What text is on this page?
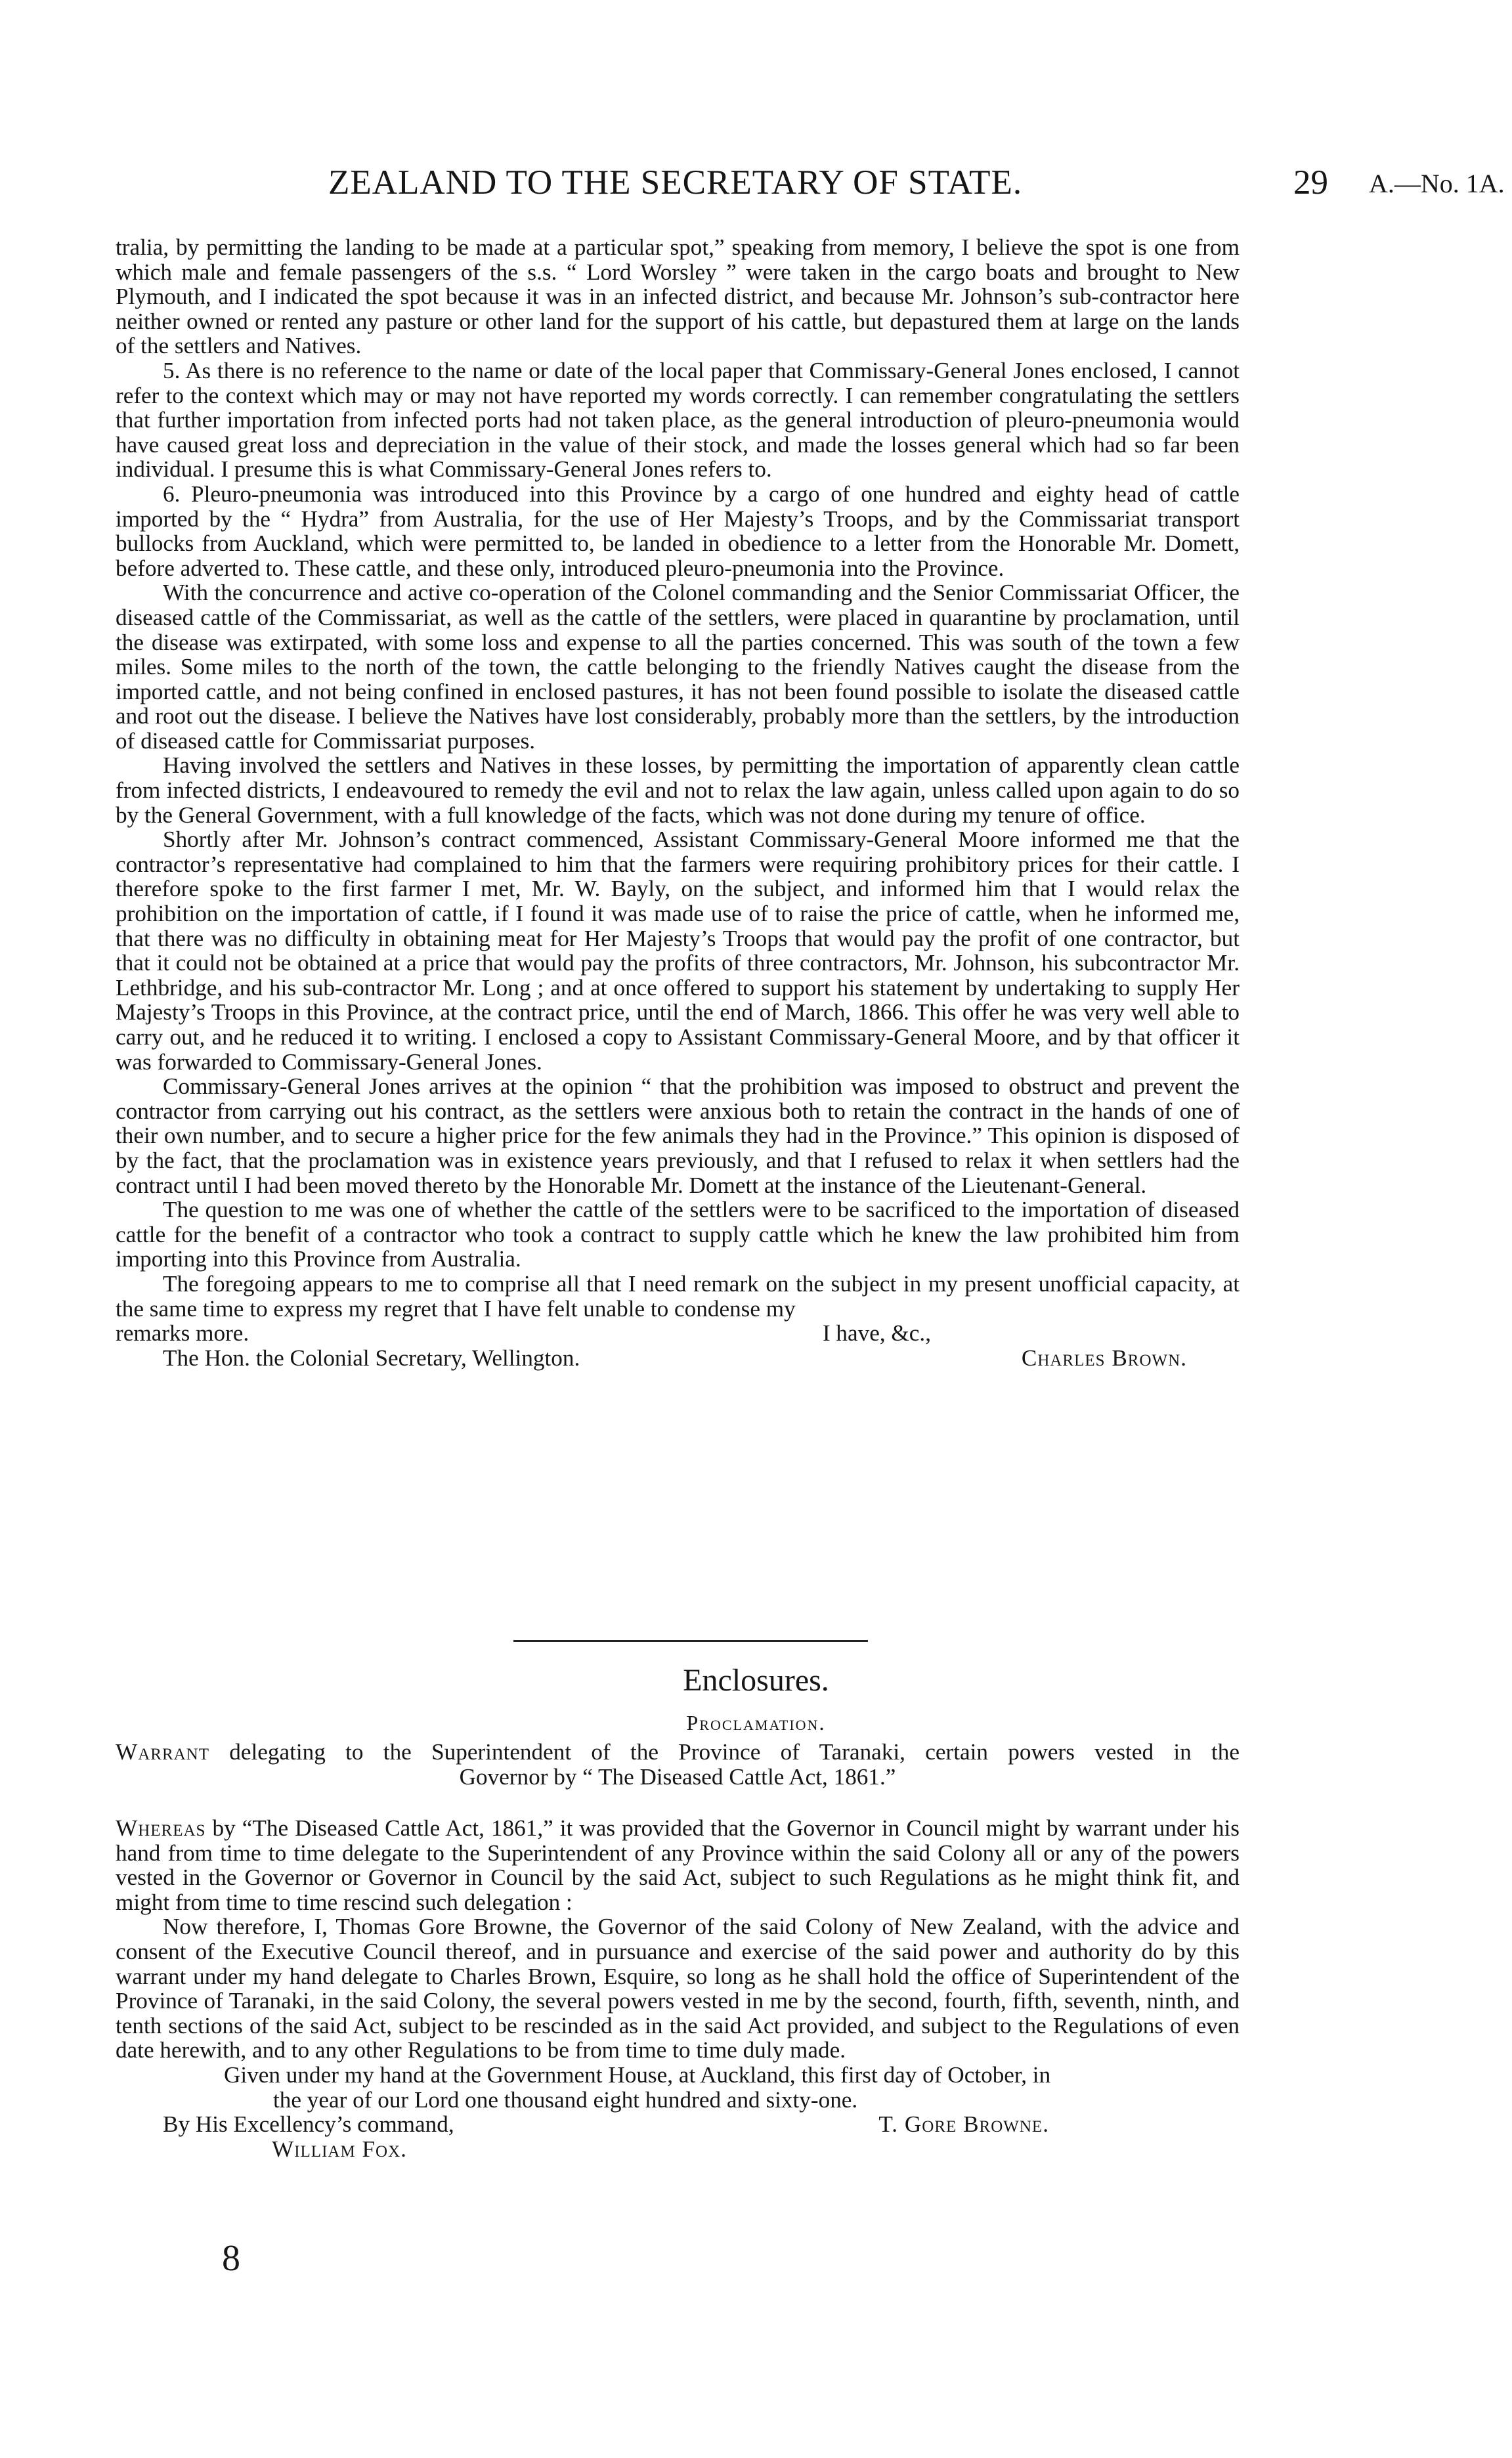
ZEALAND TO THE SECRETARY OF STATE.	29 A.—No. 1A.

tralia, by permitting the landing to be made at a particular spot,” speaking from memory, I believe the spot is one from which male and female passengers of the s.s. “ Lord Worsley ” were taken in the cargo boats and brought to New Plymouth, and I indicated the spot because it was in an infected district, and because Mr. Johnson’s sub-contractor here neither owned or rented any pasture or other land for the support of his cattle, but depastured them at large on the lands of the settlers and Natives.

5. As there is no reference to the name or date of the local paper that Commissary-General Jones enclosed, I cannot refer to the context which may or may not have reported my words correctly. I can remember congratulating the settlers that further importation from infected ports had not taken place, as the general introduction of pleuro-pneumonia would have caused great loss and depreciation in the value of their stock, and made the losses general which had so far been individual. I presume this is what Commissary-General Jones refers to.

6. Pleuro-pneumonia was introduced into this Province by a cargo of one hundred and eighty head of cattle imported by the “ Hydra” from Australia, for the use of Her Majesty’s Troops, and by the Commissariat transport bullocks from Auckland, which were permitted to, be landed in obedience to a letter from the Honorable Mr. Domett, before adverted to. These cattle, and these only, introduced pleuro-pneumonia into the Province.

With the concurrence and active co-operation of the Colonel commanding and the Senior Commissariat Officer, the diseased cattle of the Commissariat, as well as the cattle of the settlers, were placed in quarantine by proclamation, until the disease was extirpated, with some loss and expense to all the parties concerned. This was south of the town a few miles. Some miles to the north of the town, the cattle belonging to the friendly Natives caught the disease from the imported cattle, and not being confined in enclosed pastures, it has not been found possible to isolate the diseased cattle and root out the disease. I believe the Natives have lost considerably, probably more than the settlers, by the introduction of diseased cattle for Commissariat purposes.

Having involved the settlers and Natives in these losses, by permitting the importation of apparently clean cattle from infected districts, I endeavoured to remedy the evil and not to relax the law again, unless called upon again to do so by the General Government, with a full knowledge of the facts, which was not done during my tenure of office.

Shortly after Mr. Johnson’s contract commenced, Assistant Commissary-General Moore informed me that the contractor’s representative had complained to him that the farmers were requiring prohibitory prices for their cattle. I therefore spoke to the first farmer I met, Mr. W. Bayly, on the subject, and informed him that I would relax the prohibition on the importation of cattle, if I found it was made use of to raise the price of cattle, when he informed me, that there was no difficulty in obtaining meat for Her Majesty’s Troops that would pay the profit of one contractor, but that it could not be obtained at a price that would pay the profits of three contractors, Mr. Johnson, his subcontractor Mr. Lethbridge, and his sub-contractor Mr. Long ; and at once offered to support his statement by undertaking to supply Her Majesty’s Troops in this Province, at the contract price, until the end of March, 1866. This offer he was very well able to carry out, and he reduced it to writing. I enclosed a copy to Assistant Commissary-General Moore, and by that officer it was forwarded to Commissary-General Jones.

Commissary-General Jones arrives at the opinion “ that the prohibition was imposed to obstruct and prevent the contractor from carrying out his contract, as the settlers were anxious both to retain the contract in the hands of one of their own number, and to secure a higher price for the few animals they had in the Province.” This opinion is disposed of by the fact, that the proclamation was in existence years previously, and that I refused to relax it when settlers had the contract until I had been moved thereto by the Honorable Mr. Domett at the instance of the Lieutenant-General.

The question to me was one of whether the cattle of the settlers were to be sacrificed to the importation of diseased cattle for the benefit of a contractor who took a contract to supply cattle which he knew the law prohibited him from importing into this Province from Australia.

The foregoing appears to me to comprise all that I need remark on the subject in my present unofficial capacity, at the same time to express my regret that I have felt unable to condense my

remarks more.	I have, &c.,
The Hon. the Colonial Secretary, Wellington.	Charles Brown.
Enclosures.
Proclamation.
Warrant delegating to the Superintendent of the Province of Taranaki, certain powers vested in the
Governor by “ The Diseased Cattle Act, 1861.”

Whereas by “The Diseased Cattle Act, 1861,” it was provided that the Governor in Council might by warrant under his hand from time to time delegate to the Superintendent of any Province within the said Colony all or any of the powers vested in the Governor or Governor in Council by the said Act, subject to such Regulations as he might think fit, and might from time to time rescind such delegation :

Now therefore, I, Thomas Gore Browne, the Governor of the said Colony of New Zealand, with the advice and consent of the Executive Council thereof, and in pursuance and exercise of the said power and authority do by this warrant under my hand delegate to Charles Brown, Esquire, so long as he shall hold the office of Superintendent of the Province of Taranaki, in the said Colony, the several powers vested in me by the second, fourth, fifth, seventh, ninth, and tenth sections of the said Act, subject to be rescinded as in the said Act provided, and subject to the Regulations of even date herewith, and to any other Regulations to be from time to time duly made.

Given under my hand at the Government House, at Auckland, this first day of October, in
the year of our Lord one thousand eight hundred and sixty-one.
By His Excellency’s command,	T. Gore Browne.
William Fox.
8
